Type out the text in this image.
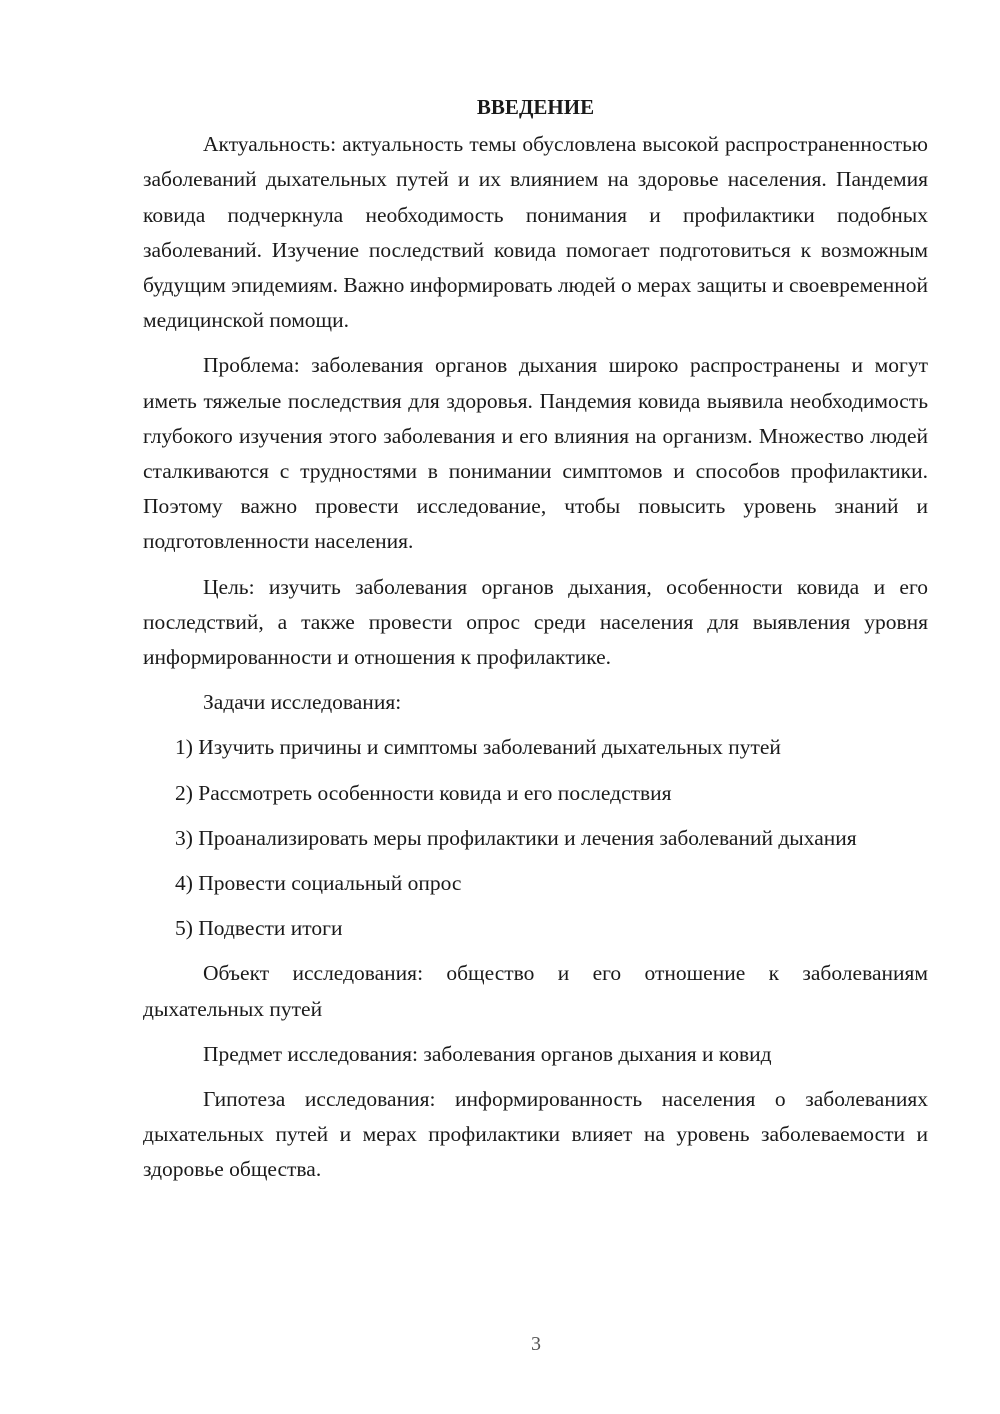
ВВЕДЕНИЕ

Актуальность: актуальность темы обусловлена высокой распространенностью заболеваний дыхательных путей и их влиянием на здоровье населения. Пандемия ковида подчеркнула необходимость понимания и профилактики подобных заболеваний. Изучение последствий ковида помогает подготовиться к возможным будущим эпидемиям. Важно информировать людей о мерах защиты и своевременной медицинской помощи.

Проблема: заболевания органов дыхания широко распространены и могут иметь тяжелые последствия для здоровья. Пандемия ковида выявила необходимость глубокого изучения этого заболевания и его влияния на организм. Множество людей сталкиваются с трудностями в понимании симптомов и способов профилактики. Поэтому важно провести исследование, чтобы повысить уровень знаний и подготовленности населения.

Цель: изучить заболевания органов дыхания, особенности ковида и его последствий, а также провести опрос среди населения для выявления уровня информированности и отношения к профилактике.

Задачи исследования:

1) Изучить причины и симптомы заболеваний дыхательных путей
2) Рассмотреть особенности ковида и его последствия
3) Проанализировать меры профилактики и лечения заболеваний дыхания
4) Провести социальный опрос
5) Подвести итоги

Объект исследования: общество и его отношение к заболеваниям дыхательных путей

Предмет исследования: заболевания органов дыхания и ковид

Гипотеза исследования: информированность населения о заболеваниях дыхательных путей и мерах профилактики влияет на уровень заболеваемости и здоровье общества.

3
